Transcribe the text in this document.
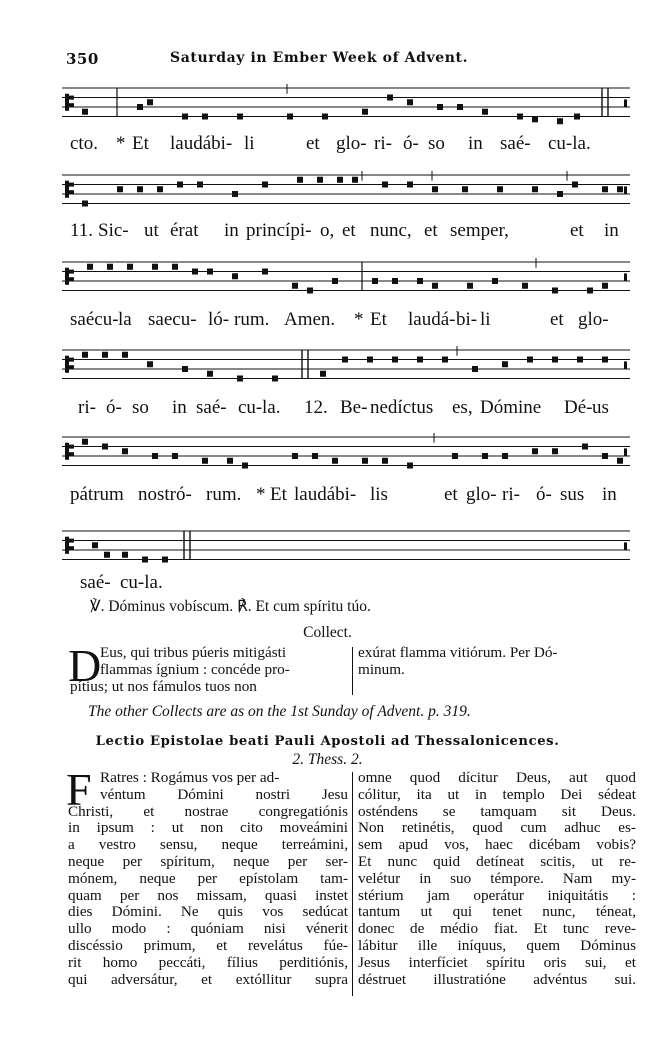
350	Saturday in Ember Week of Advent.
cto. * Et laudábi- li	et glo- ri- ó- so in saé- cu-la.
11. Sic- ut érat in princípi- o, et nunc, et semper,	et in
saécu- la saecu- ló- rum. Amen. * Et laudá- bi- li	et glo-
ri- ó- so in saé- cu- la. 12. Be- nedíctus es, Dómine Dé- us
pátrum nostró- rum. * Et laudábi- lis	et glo- ri- ó- sus in
saé- cu-la.
℣. Dóminus vobíscum. ℟. Et cum spíritu túo.
Collect.
D

Eus, qui tribus púeris mitigásti

flammas ígnium : concéde pro-

pítius; ut nos fámulos tuos non

exúrat flamma vitiórum. Per Dó-

minum.

The other Collects are as on the 1st Sunday of Advent. p. 319.
Lectio Epistolae beati Pauli Apostoli ad Thessalonicences.
2. Thess. 2.
F Ratres : Rogámus vos per ad-

véntum Dómini nostri Jesu

Christi, et nostrae congregatiónis

in ipsum : ut non cito moveámini

a vestro sensu, neque terreámini,

neque per spíritum, neque per ser-

mónem, neque per epístolam tam-

quam per nos missam, quasi instet

dies Dómini. Ne quis vos sedúcat

ullo modo : quóniam nisi vénerit

discéssio primum, et revelátus fúe-

rit homo peccáti, fílius perditiónis,

qui adversátur, et extóllitur supra

omne quod dícitur Deus, aut quod

cólitur, ita ut in templo Dei sédeat

osténdens se tamquam sit Deus.

Non retinétis, quod cum adhuc es-

sem apud vos, haec dicébam vobis?

Et nunc quid detíneat scitis, ut re-

velétur in suo témpore. Nam my-

stérium jam operátur iniquitátis :

tantum ut qui tenet nunc, téneat,

donec de médio fiat. Et tunc reve-

lábitur ille iníquus, quem Dóminus

Jesus interfíciet spíritu oris sui, et

déstruet illustratióne advéntus sui.
